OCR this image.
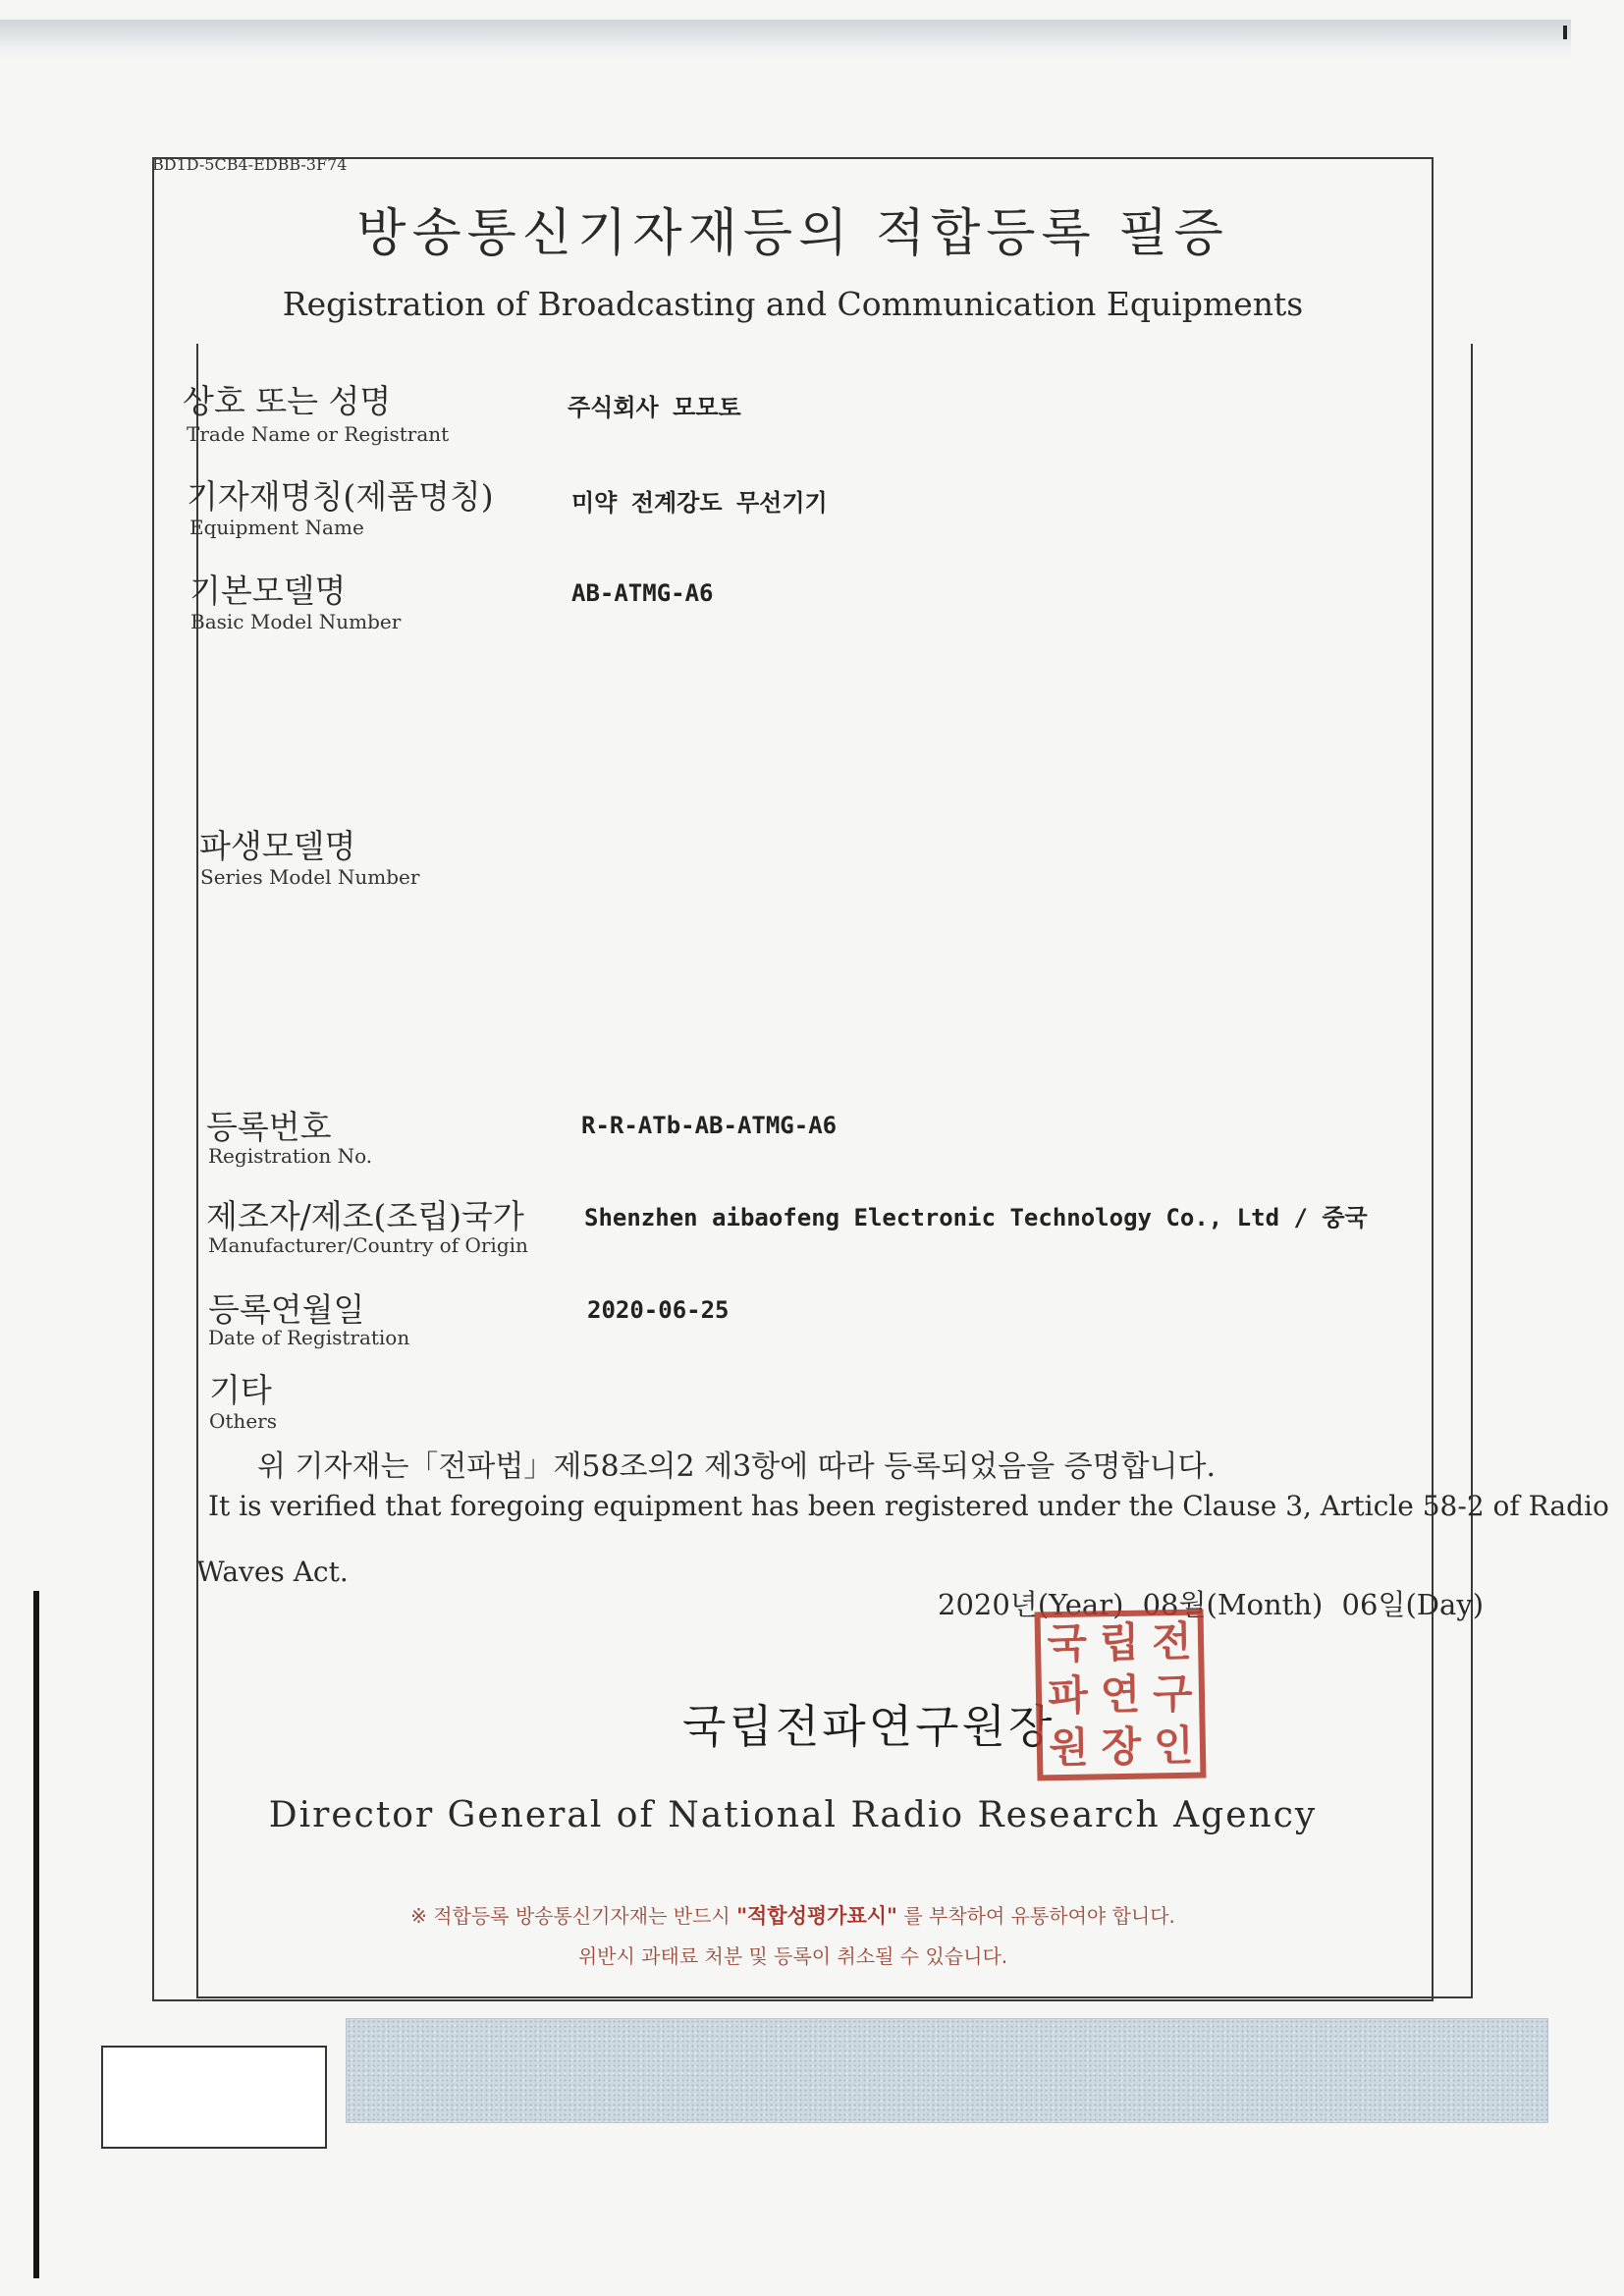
BD1D-5CB4-EDBB-3F74
방송통신기자재등의 적합등록 필증
Registration of Broadcasting and Communication Equipments
상호 또는 성명
Trade Name or Registrant
주식회사 모모토
기자재명칭(제품명칭)
Equipment Name
미약 전계강도 무선기기
기본모델명
Basic Model Number
AB-ATMG-A6
파생모델명
Series Model Number
등록번호
Registration No.
R-R-ATb-AB-ATMG-A6
제조자/제조(조립)국가
Manufacturer/Country of Origin
Shenzhen aibaofeng Electronic Technology Co., Ltd / 중국
등록연월일
Date of Registration
2020-06-25
기타
Others
위 기자재는「전파법」제58조의2 제3항에 따라 등록되었음을 증명합니다.
It is verified that foregoing equipment has been registered under the Clause 3, Article 58-2 of Radio
Waves Act.
2020년(Year) 08월(Month) 06일(Day)
국립전파연구원장
국 립 전
파 연 구
원 장 인
Director General of National Radio Research Agency
※ 적합등록 방송통신기자재는 반드시 "적합성평가표시" 를 부착하여 유통하여야 합니다.
위반시 과태료 처분 및 등록이 취소될 수 있습니다.
